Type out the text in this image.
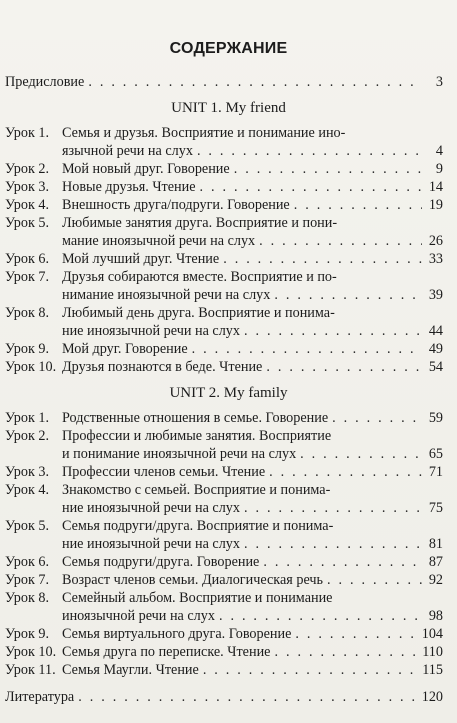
СОДЕРЖАНИЕ
Предисловие . . .	3
UNIT 1. My friend
Урок 1. Семья и друзья. Восприятие и понимание ино-
язычной речи на слух . . .	4
Урок 2. Мой новый друг. Говорение . . .	9
Урок 3. Новые друзья. Чтение . . .	14
Урок 4. Внешность друга/подруги. Говорение . . .	19
Урок 5. Любимые занятия друга. Восприятие и пони-
мание иноязычной речи на слух . . .	26
Урок 6. Мой лучший друг. Чтение . . .	33
Урок 7. Друзья собираются вместе. Восприятие и по-
нимание иноязычной речи на слух . . .	39
Урок 8. Любимый день друга. Восприятие и понима-
ние иноязычной речи на слух . . .	44
Урок 9. Мой друг. Говорение . . .	49
Урок 10. Друзья познаются в беде. Чтение . . .	54
UNIT 2. My family
Урок 1. Родственные отношения в семье. Говорение . . .	59
Урок 2. Профессии и любимые занятия. Восприятие
и понимание иноязычной речи на слух . . .	65
Урок 3. Профессии членов семьи. Чтение . . .	71
Урок 4. Знакомство с семьей. Восприятие и понима-
ние иноязычной речи на слух . . .	75
Урок 5. Семья подруги/друга. Восприятие и понима-
ние иноязычной речи на слух . . .	81
Урок 6. Семья подруги/друга. Говорение . . .	87
Урок 7. Возраст членов семьи. Диалогическая речь . . .	92
Урок 8. Семейный альбом. Восприятие и понимание
иноязычной речи на слух . . .	98
Урок 9. Семья виртуального друга. Говорение . . .	104
Урок 10. Семья друга по переписке. Чтение . . .	110
Урок 11. Семья Маугли. Чтение . . .	115
Литература . . .	120
